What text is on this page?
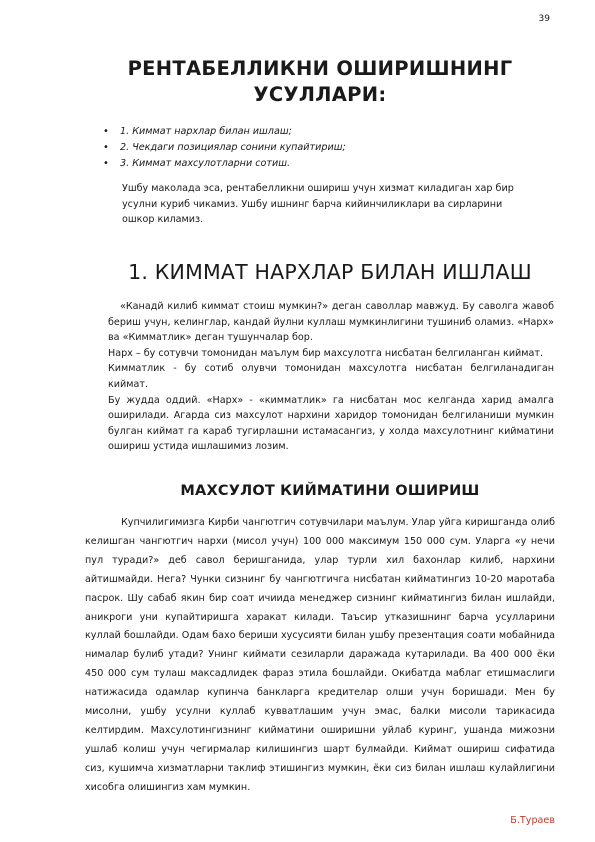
39
РЕНТАБЕЛЛИКНИ ОШИРИШНИНГ УСУЛЛАРИ:
• 1. Киммат нархлар билан ишлаш;
• 2. Чекдаги позициялар сонини купайтириш;
• 3. Киммат махсулотларни сотиш.

Ушбу маколада эса, рентабелликни ошириш учун хизмат киладиган хар бир усулни куриб чикамиз. Ушбу ишнинг барча кийинчиликлари ва сирларини ошкор киламиз.

1. КИММАТ НАРХЛАР БИЛАН ИШЛАШ

«Канадй килиб киммат стоиш мумкин?» деган саволлар мавжуд. Бу саволга жавоб бериш учун, келинглар, кандай йулни куллаш мумкинлигини тушиниб оламиз. «Нарх» ва «Кимматлик» деган тушунчалар бор.

Нарх – бу сотувчи томонидан маълум бир махсулотга нисбатан белгиланган киймат.

Кимматлик - бу сотиб олувчи томонидан махсулотга нисбатан белгиланадиган киймат.

Бу жудда оддий. «Нарх» - «кимматлик» га нисбатан мос келганда харид амалга оширилади. Агарда сиз махсулот нархини харидор томонидан белгиланиши мумкин булган киймат га караб тугирлашни истамасангиз, у холда махсулотнинг кийматини ошириш устида ишлашимиз лозим.

МАХСУЛОТ КИЙМАТИНИ ОШИРИШ

Купчилигимизга Кирби чангютгич сотувчилари маълум. Улар уйга киришганда олиб келишган чангютгич нархи (мисол учун) 100 000 максимум 150 000 сум. Уларга «у нечи пул туради?» деб савол беришганида, улар турли хил бахонлар килиб, нархини айтишмайди. Нега? Чунки сизнинг бу чангютгичга нисбатан кийматингиз 10-20 маротаба пасрок. Шу сабаб якин бир соат ичиида менеджер сизнинг кийматингиз билан ишлайди, аникроги уни купайтиришга харакат килади. Таъсир утказишнинг барча усулларини куллай бошлайди. Одам бахо бериши хусусияти билан ушбу презентация соати мобайнида нималар булиб утади? Унинг киймати сезиларли даражада кутарилади. Ва 400 000 ёки 450 000 сум тулаш максадлидек фараз этила бошлайди. Окибатда маблаг етишмаслиги натижасида одамлар купинча банкларга кредителар олши учун боришади. Мен бу мисолни, ушбу усулни куллаб кувватлашим учун эмас, балки мисоли тарикасида келтирдим. Махсулотингизнинг кийматини оширишни уйлаб куринг, ушанда мижозни ушлаб колиш учун чегирмалар килишингиз шарт булмайди. Киймат ошириш сифатида сиз, кушимча хизматларни таклиф этишингиз мумкин, ёки сиз билан ишлаш кулайлигини хисобга олишингиз хам мумкин.

Б.Тураев
